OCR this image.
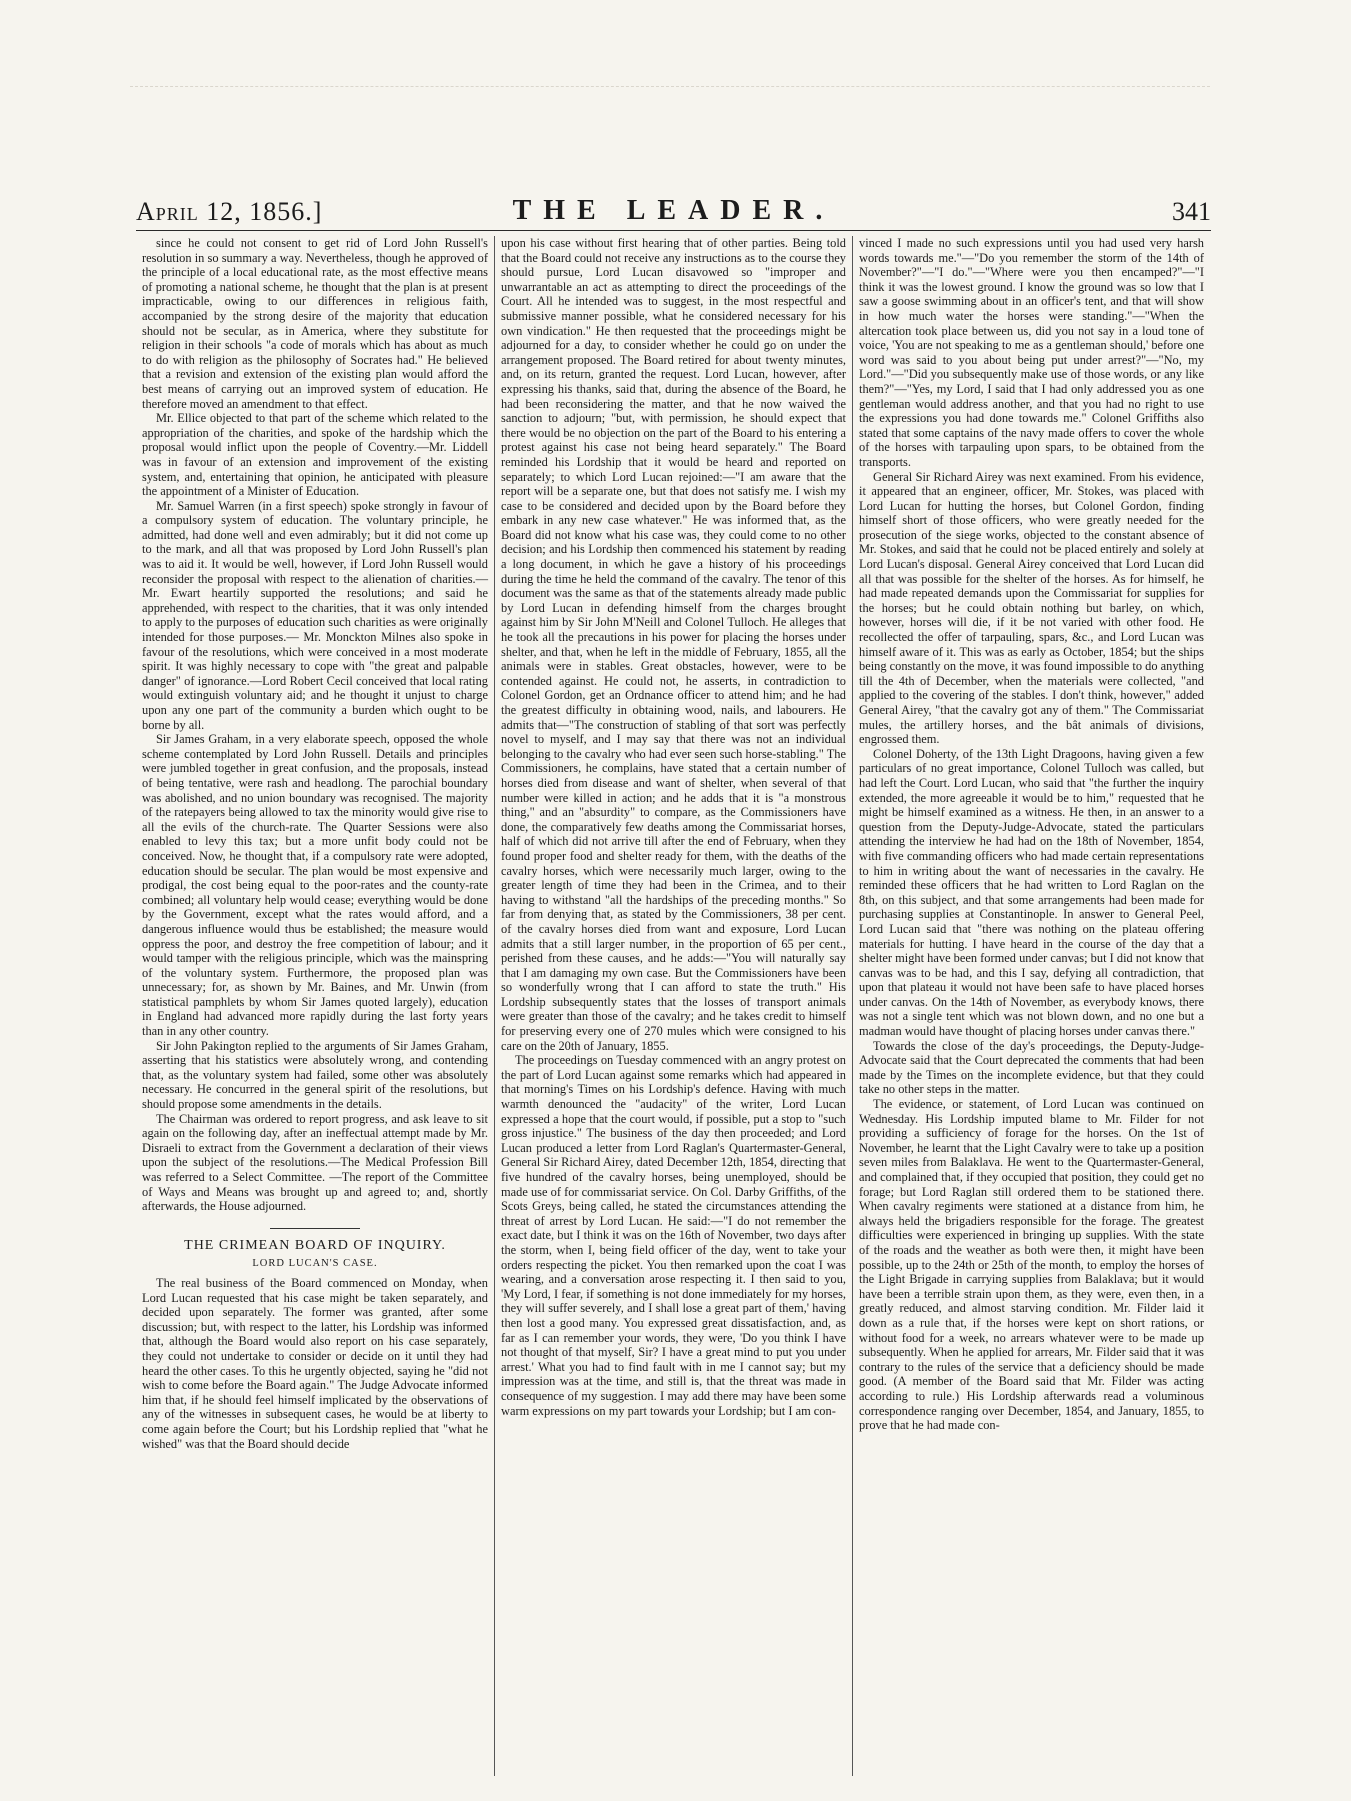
April 12, 1856.]	THE LEADER.	341

since he could not consent to get rid of Lord John Russell's resolution in so summary a way. Nevertheless, though he approved of the principle of a local educational rate, as the most effective means of promoting a national scheme, he thought that the plan is at present impracticable, owing to our differences in religious faith, accompanied by the strong desire of the majority that education should not be secular, as in America, where they substitute for religion in their schools "a code of morals which has about as much to do with religion as the philosophy of Socrates had." He believed that a revision and extension of the existing plan would afford the best means of carrying out an improved system of education. He therefore moved an amendment to that effect.

Mr. Ellice objected to that part of the scheme which related to the appropriation of the charities, and spoke of the hardship which the proposal would inflict upon the people of Coventry.—Mr. Liddell was in favour of an extension and improvement of the existing system, and, entertaining that opinion, he anticipated with pleasure the appointment of a Minister of Education.

Mr. Samuel Warren (in a first speech) spoke strongly in favour of a compulsory system of education. The voluntary principle, he admitted, had done well and even admirably; but it did not come up to the mark, and all that was proposed by Lord John Russell's plan was to aid it. It would be well, however, if Lord John Russell would reconsider the proposal with respect to the alienation of charities.—Mr. Ewart heartily supported the resolutions; and said he apprehended, with respect to the charities, that it was only intended to apply to the purposes of education such charities as were originally intended for those purposes.— Mr. Monckton Milnes also spoke in favour of the resolutions, which were conceived in a most moderate spirit. It was highly necessary to cope with "the great and palpable danger" of ignorance.—Lord Robert Cecil conceived that local rating would extinguish voluntary aid; and he thought it unjust to charge upon any one part of the community a burden which ought to be borne by all.

Sir James Graham, in a very elaborate speech, opposed the whole scheme contemplated by Lord John Russell. Details and principles were jumbled together in great confusion, and the proposals, instead of being tentative, were rash and headlong. The parochial boundary was abolished, and no union boundary was recognised. The majority of the ratepayers being allowed to tax the minority would give rise to all the evils of the church-rate. The Quarter Sessions were also enabled to levy this tax; but a more unfit body could not be conceived. Now, he thought that, if a compulsory rate were adopted, education should be secular. The plan would be most expensive and prodigal, the cost being equal to the poor-rates and the county-rate combined; all voluntary help would cease; everything would be done by the Government, except what the rates would afford, and a dangerous influence would thus be established; the measure would oppress the poor, and destroy the free competition of labour; and it would tamper with the religious principle, which was the mainspring of the voluntary system. Furthermore, the proposed plan was unnecessary; for, as shown by Mr. Baines, and Mr. Unwin (from statistical pamphlets by whom Sir James quoted largely), education in England had advanced more rapidly during the last forty years than in any other country.

Sir John Pakington replied to the arguments of Sir James Graham, asserting that his statistics were absolutely wrong, and contending that, as the voluntary system had failed, some other was absolutely necessary. He concurred in the general spirit of the resolutions, but should propose some amendments in the details.

The Chairman was ordered to report progress, and ask leave to sit again on the following day, after an ineffectual attempt made by Mr. Disraeli to extract from the Government a declaration of their views upon the subject of the resolutions.—The Medical Profession Bill was referred to a Select Committee. —The report of the Committee of Ways and Means was brought up and agreed to; and, shortly afterwards, the House adjourned.

THE CRIMEAN BOARD OF INQUIRY.
LORD LUCAN'S CASE.

The real business of the Board commenced on Monday, when Lord Lucan requested that his case might be taken separately, and decided upon separately. The former was granted, after some discussion; but, with respect to the latter, his Lordship was informed that, although the Board would also report on his case separately, they could not undertake to consider or decide on it until they had heard the other cases. To this he urgently objected, saying he "did not wish to come before the Board again." The Judge Advocate informed him that, if he should feel himself implicated by the observations of any of the witnesses in subsequent cases, he would be at liberty to come again before the Court; but his Lordship replied that "what he wished" was that the Board should decide

upon his case without first hearing that of other parties. Being told that the Board could not receive any instructions as to the course they should pursue, Lord Lucan disavowed so "improper and unwarrantable an act as attempting to direct the proceedings of the Court. All he intended was to suggest, in the most respectful and submissive manner possible, what he considered necessary for his own vindication." He then requested that the proceedings might be adjourned for a day, to consider whether he could go on under the arrangement proposed. The Board retired for about twenty minutes, and, on its return, granted the request. Lord Lucan, however, after expressing his thanks, said that, during the absence of the Board, he had been reconsidering the matter, and that he now waived the sanction to adjourn; "but, with permission, he should expect that there would be no objection on the part of the Board to his entering a protest against his case not being heard separately." The Board reminded his Lordship that it would be heard and reported on separately; to which Lord Lucan rejoined:—"I am aware that the report will be a separate one, but that does not satisfy me. I wish my case to be considered and decided upon by the Board before they embark in any new case whatever." He was informed that, as the Board did not know what his case was, they could come to no other decision; and his Lordship then commenced his statement by reading a long document, in which he gave a history of his proceedings during the time he held the command of the cavalry. The tenor of this document was the same as that of the statements already made public by Lord Lucan in defending himself from the charges brought against him by Sir John M'Neill and Colonel Tulloch. He alleges that he took all the precautions in his power for placing the horses under shelter, and that, when he left in the middle of February, 1855, all the animals were in stables. Great obstacles, however, were to be contended against. He could not, he asserts, in contradiction to Colonel Gordon, get an Ordnance officer to attend him; and he had the greatest difficulty in obtaining wood, nails, and labourers. He admits that—"The construction of stabling of that sort was perfectly novel to myself, and I may say that there was not an individual belonging to the cavalry who had ever seen such horse-stabling." The Commissioners, he complains, have stated that a certain number of horses died from disease and want of shelter, when several of that number were killed in action; and he adds that it is "a monstrous thing," and an "absurdity" to compare, as the Commissioners have done, the comparatively few deaths among the Commissariat horses, half of which did not arrive till after the end of February, when they found proper food and shelter ready for them, with the deaths of the cavalry horses, which were necessarily much larger, owing to the greater length of time they had been in the Crimea, and to their having to withstand "all the hardships of the preceding months." So far from denying that, as stated by the Commissioners, 38 per cent. of the cavalry horses died from want and exposure, Lord Lucan admits that a still larger number, in the proportion of 65 per cent., perished from these causes, and he adds:—"You will naturally say that I am damaging my own case. But the Commissioners have been so wonderfully wrong that I can afford to state the truth." His Lordship subsequently states that the losses of transport animals were greater than those of the cavalry; and he takes credit to himself for preserving every one of 270 mules which were consigned to his care on the 20th of January, 1855.

The proceedings on Tuesday commenced with an angry protest on the part of Lord Lucan against some remarks which had appeared in that morning's Times on his Lordship's defence. Having with much warmth denounced the "audacity" of the writer, Lord Lucan expressed a hope that the court would, if possible, put a stop to "such gross injustice." The business of the day then proceeded; and Lord Lucan produced a letter from Lord Raglan's Quartermaster-General, General Sir Richard Airey, dated December 12th, 1854, directing that five hundred of the cavalry horses, being unemployed, should be made use of for commissariat service. On Col. Darby Griffiths, of the Scots Greys, being called, he stated the circumstances attending the threat of arrest by Lord Lucan. He said:—"I do not remember the exact date, but I think it was on the 16th of November, two days after the storm, when I, being field officer of the day, went to take your orders respecting the picket. You then remarked upon the coat I was wearing, and a conversation arose respecting it. I then said to you, 'My Lord, I fear, if something is not done immediately for my horses, they will suffer severely, and I shall lose a great part of them,' having then lost a good many. You expressed great dissatisfaction, and, as far as I can remember your words, they were, 'Do you think I have not thought of that myself, Sir? I have a great mind to put you under arrest.' What you had to find fault with in me I cannot say; but my impression was at the time, and still is, that the threat was made in consequence of my suggestion. I may add there may have been some warm expressions on my part towards your Lordship; but I am con-

vinced I made no such expressions until you had used very harsh words towards me."—"Do you remember the storm of the 14th of November?"—"I do."—"Where were you then encamped?"—"I think it was the lowest ground. I know the ground was so low that I saw a goose swimming about in an officer's tent, and that will show in how much water the horses were standing."—"When the altercation took place between us, did you not say in a loud tone of voice, 'You are not speaking to me as a gentleman should,' before one word was said to you about being put under arrest?"—"No, my Lord."—"Did you subsequently make use of those words, or any like them?"—"Yes, my Lord, I said that I had only addressed you as one gentleman would address another, and that you had no right to use the expressions you had done towards me." Colonel Griffiths also stated that some captains of the navy made offers to cover the whole of the horses with tarpauling upon spars, to be obtained from the transports.

General Sir Richard Airey was next examined. From his evidence, it appeared that an engineer, officer, Mr. Stokes, was placed with Lord Lucan for hutting the horses, but Colonel Gordon, finding himself short of those officers, who were greatly needed for the prosecution of the siege works, objected to the constant absence of Mr. Stokes, and said that he could not be placed entirely and solely at Lord Lucan's disposal. General Airey conceived that Lord Lucan did all that was possible for the shelter of the horses. As for himself, he had made repeated demands upon the Commissariat for supplies for the horses; but he could obtain nothing but barley, on which, however, horses will die, if it be not varied with other food. He recollected the offer of tarpauling, spars, &c., and Lord Lucan was himself aware of it. This was as early as October, 1854; but the ships being constantly on the move, it was found impossible to do anything till the 4th of December, when the materials were collected, "and applied to the covering of the stables. I don't think, however," added General Airey, "that the cavalry got any of them." The Commissariat mules, the artillery horses, and the bât animals of divisions, engrossed them.

Colonel Doherty, of the 13th Light Dragoons, having given a few particulars of no great importance, Colonel Tulloch was called, but had left the Court. Lord Lucan, who said that "the further the inquiry extended, the more agreeable it would be to him," requested that he might be himself examined as a witness. He then, in an answer to a question from the Deputy-Judge-Advocate, stated the particulars attending the interview he had had on the 18th of November, 1854, with five commanding officers who had made certain representations to him in writing about the want of necessaries in the cavalry. He reminded these officers that he had written to Lord Raglan on the 8th, on this subject, and that some arrangements had been made for purchasing supplies at Constantinople. In answer to General Peel, Lord Lucan said that "there was nothing on the plateau offering materials for hutting. I have heard in the course of the day that a shelter might have been formed under canvas; but I did not know that canvas was to be had, and this I say, defying all contradiction, that upon that plateau it would not have been safe to have placed horses under canvas. On the 14th of November, as everybody knows, there was not a single tent which was not blown down, and no one but a madman would have thought of placing horses under canvas there."

Towards the close of the day's proceedings, the Deputy-Judge-Advocate said that the Court deprecated the comments that had been made by the Times on the incomplete evidence, but that they could take no other steps in the matter.

The evidence, or statement, of Lord Lucan was continued on Wednesday. His Lordship imputed blame to Mr. Filder for not providing a sufficiency of forage for the horses. On the 1st of November, he learnt that the Light Cavalry were to take up a position seven miles from Balaklava. He went to the Quartermaster-General, and complained that, if they occupied that position, they could get no forage; but Lord Raglan still ordered them to be stationed there. When cavalry regiments were stationed at a distance from him, he always held the brigadiers responsible for the forage. The greatest difficulties were experienced in bringing up supplies. With the state of the roads and the weather as both were then, it might have been possible, up to the 24th or 25th of the month, to employ the horses of the Light Brigade in carrying supplies from Balaklava; but it would have been a terrible strain upon them, as they were, even then, in a greatly reduced, and almost starving condition. Mr. Filder laid it down as a rule that, if the horses were kept on short rations, or without food for a week, no arrears whatever were to be made up subsequently. When he applied for arrears, Mr. Filder said that it was contrary to the rules of the service that a deficiency should be made good. (A member of the Board said that Mr. Filder was acting according to rule.) His Lordship afterwards read a voluminous correspondence ranging over December, 1854, and January, 1855, to prove that he had made con-
